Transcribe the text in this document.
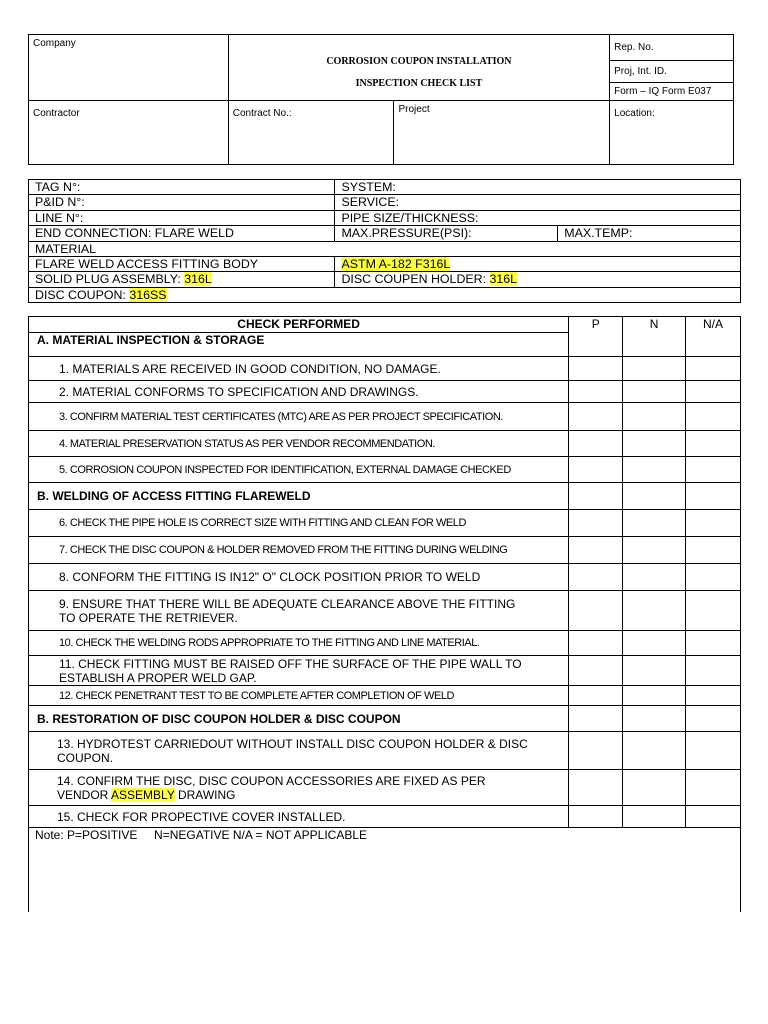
Company	CORROSION COUPON INSTALLATION
INSPECTION CHECK LIST		Rep. No.
			Proj, Int. ID.
			Form – IQ Form E037
Contractor	Contract No.:	Project	Location:
TAG N°:	SYSTEM:	
P&ID N°:	SERVICE:	
LINE N°:	PIPE SIZE/THICKNESS:	
END CONNECTION: FLARE WELD	MAX.PRESSURE(PSI):	MAX.TEMP:
MATERIAL		
FLARE WELD ACCESS FITTING BODY	ASTM A-182 F316L	
SOLID PLUG ASSEMBLY: 316L	DISC COUPEN HOLDER: 316L	
DISC COUPON: 316SS		
CHECK PERFORMED	P	N	N/A
A. MATERIAL INSPECTION & STORAGE			
1. MATERIALS ARE RECEIVED IN GOOD CONDITION, NO DAMAGE.			
2. MATERIAL CONFORMS TO SPECIFICATION AND DRAWINGS.			
3. CONFIRM MATERIAL TEST CERTIFICATES (MTC) ARE AS PER PROJECT SPECIFICATION.			
4. MATERIAL PRESERVATION STATUS AS PER VENDOR RECOMMENDATION.			
5. CORROSION COUPON INSPECTED FOR IDENTIFICATION, EXTERNAL DAMAGE CHECKED			
B. WELDING OF ACCESS FITTING FLAREWELD			
6. CHECK THE PIPE HOLE IS CORRECT SIZE WITH FITTING AND CLEAN FOR WELD			
7. CHECK THE DISC COUPON & HOLDER REMOVED FROM THE FITTING DURING WELDING			
8. CONFORM THE FITTING IS IN12" O" CLOCK POSITION PRIOR TO WELD			
9. ENSURE THAT THERE WILL BE ADEQUATE CLEARANCE ABOVE THE FITTING TO OPERATE THE RETRIEVER.			
10. CHECK THE WELDING RODS APPROPRIATE TO THE FITTING AND LINE MATERIAL.			
11. CHECK FITTING MUST BE RAISED OFF THE SURFACE OF THE PIPE WALL TO ESTABLISH A PROPER WELD GAP.			
12. CHECK PENETRANT TEST TO BE COMPLETE AFTER COMPLETION OF WELD			
B. RESTORATION OF DISC COUPON HOLDER & DISC COUPON			
13. HYDROTEST CARRIEDOUT WITHOUT INSTALL DISC COUPON HOLDER & DISC COUPON.			
14. CONFIRM THE DISC, DISC COUPON ACCESSORIES ARE FIXED AS PER VENDOR ASSEMBLY DRAWING			
15. CHECK FOR PROPECTIVE COVER INSTALLED.			
Note: P=POSITIVE     N=NEGATIVE N/A = NOT APPLICABLE			
